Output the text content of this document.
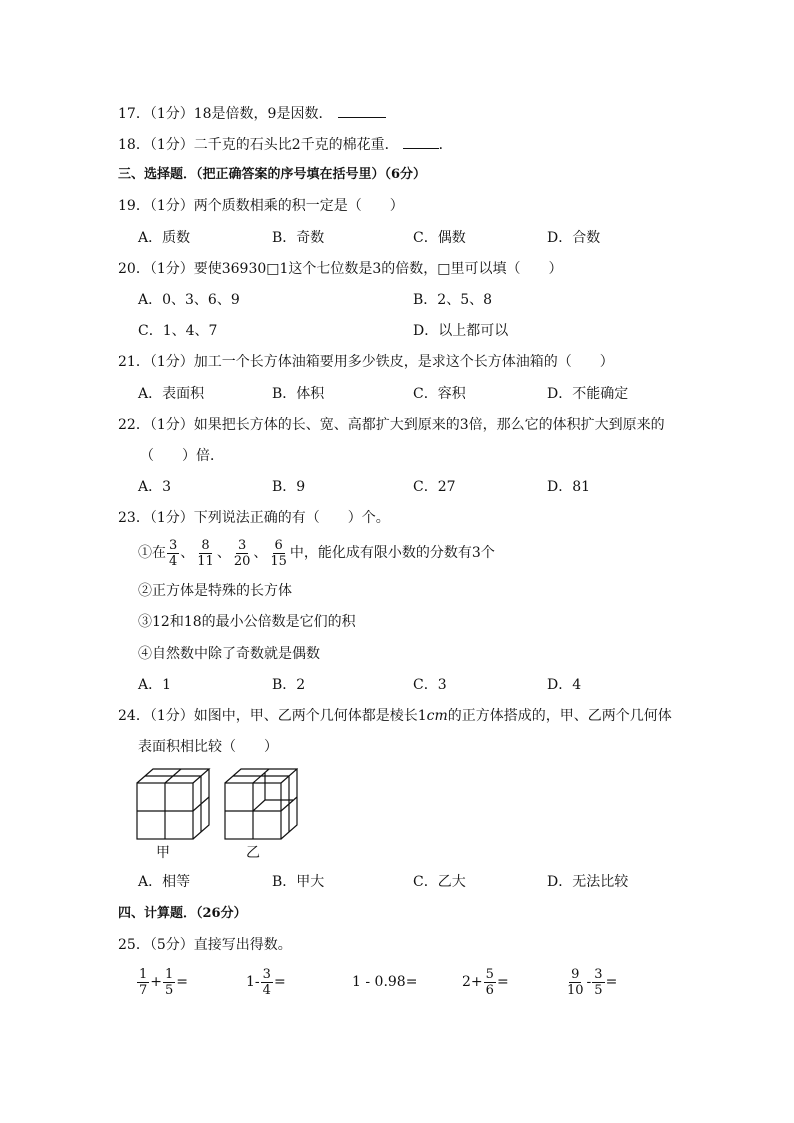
17．（1分）18是倍数，9是因数．
18．（1分）二千克的石头比2千克的棉花重．	．
三、选择题．（把正确答案的序号填在括号里）（6分）
19．（1分）两个质数相乘的积一定是（　　）
A．质数	B．奇数	C．偶数	D．合数
20．（1分）要使36930□1这个七位数是3的倍数，□里可以填（　　）
A．0、3、6、9	B．2、5、8
C．1、4、7	D．以上都可以
21．（1分）加工一个长方体油箱要用多少铁皮，是求这个长方体油箱的（　　）
A．表面积	B．体积	C．容积	D．不能确定
22．（1分）如果把长方体的长、宽、高都扩大到原来的3倍，那么它的体积扩大到原来的
（　　）倍．
A．3	B．9	C．27	D．81
23．（1分）下列说法正确的有（　　）个。
①在 $\frac{3}{4}$ 、 $\frac{8}{11}$ 、 $\frac{3}{20}$ 、 $\frac{6}{15}$ 中，能化成有限小数的分数有3个
②正方体是特殊的长方体
③12和18的最小公倍数是它们的积
④自然数中除了奇数就是偶数
A．1	B．2	C．3	D．4
24．（1分）如图中，甲、乙两个几何体都是棱长1cm的正方体搭成的，甲、乙两个几何体
表面积相比较（　　）
甲	乙
A．相等	B．甲大	C．乙大	D．无法比较
四、计算题．（26分）
25．（5分）直接写出得数。
$\frac{1}{7} + \frac{1}{5}$ =	$1- \frac{3}{4}$ =	1 - 0.98=	$2+ \frac{5}{6}$ =	$\frac{9}{10} - \frac{3}{5}$ =
